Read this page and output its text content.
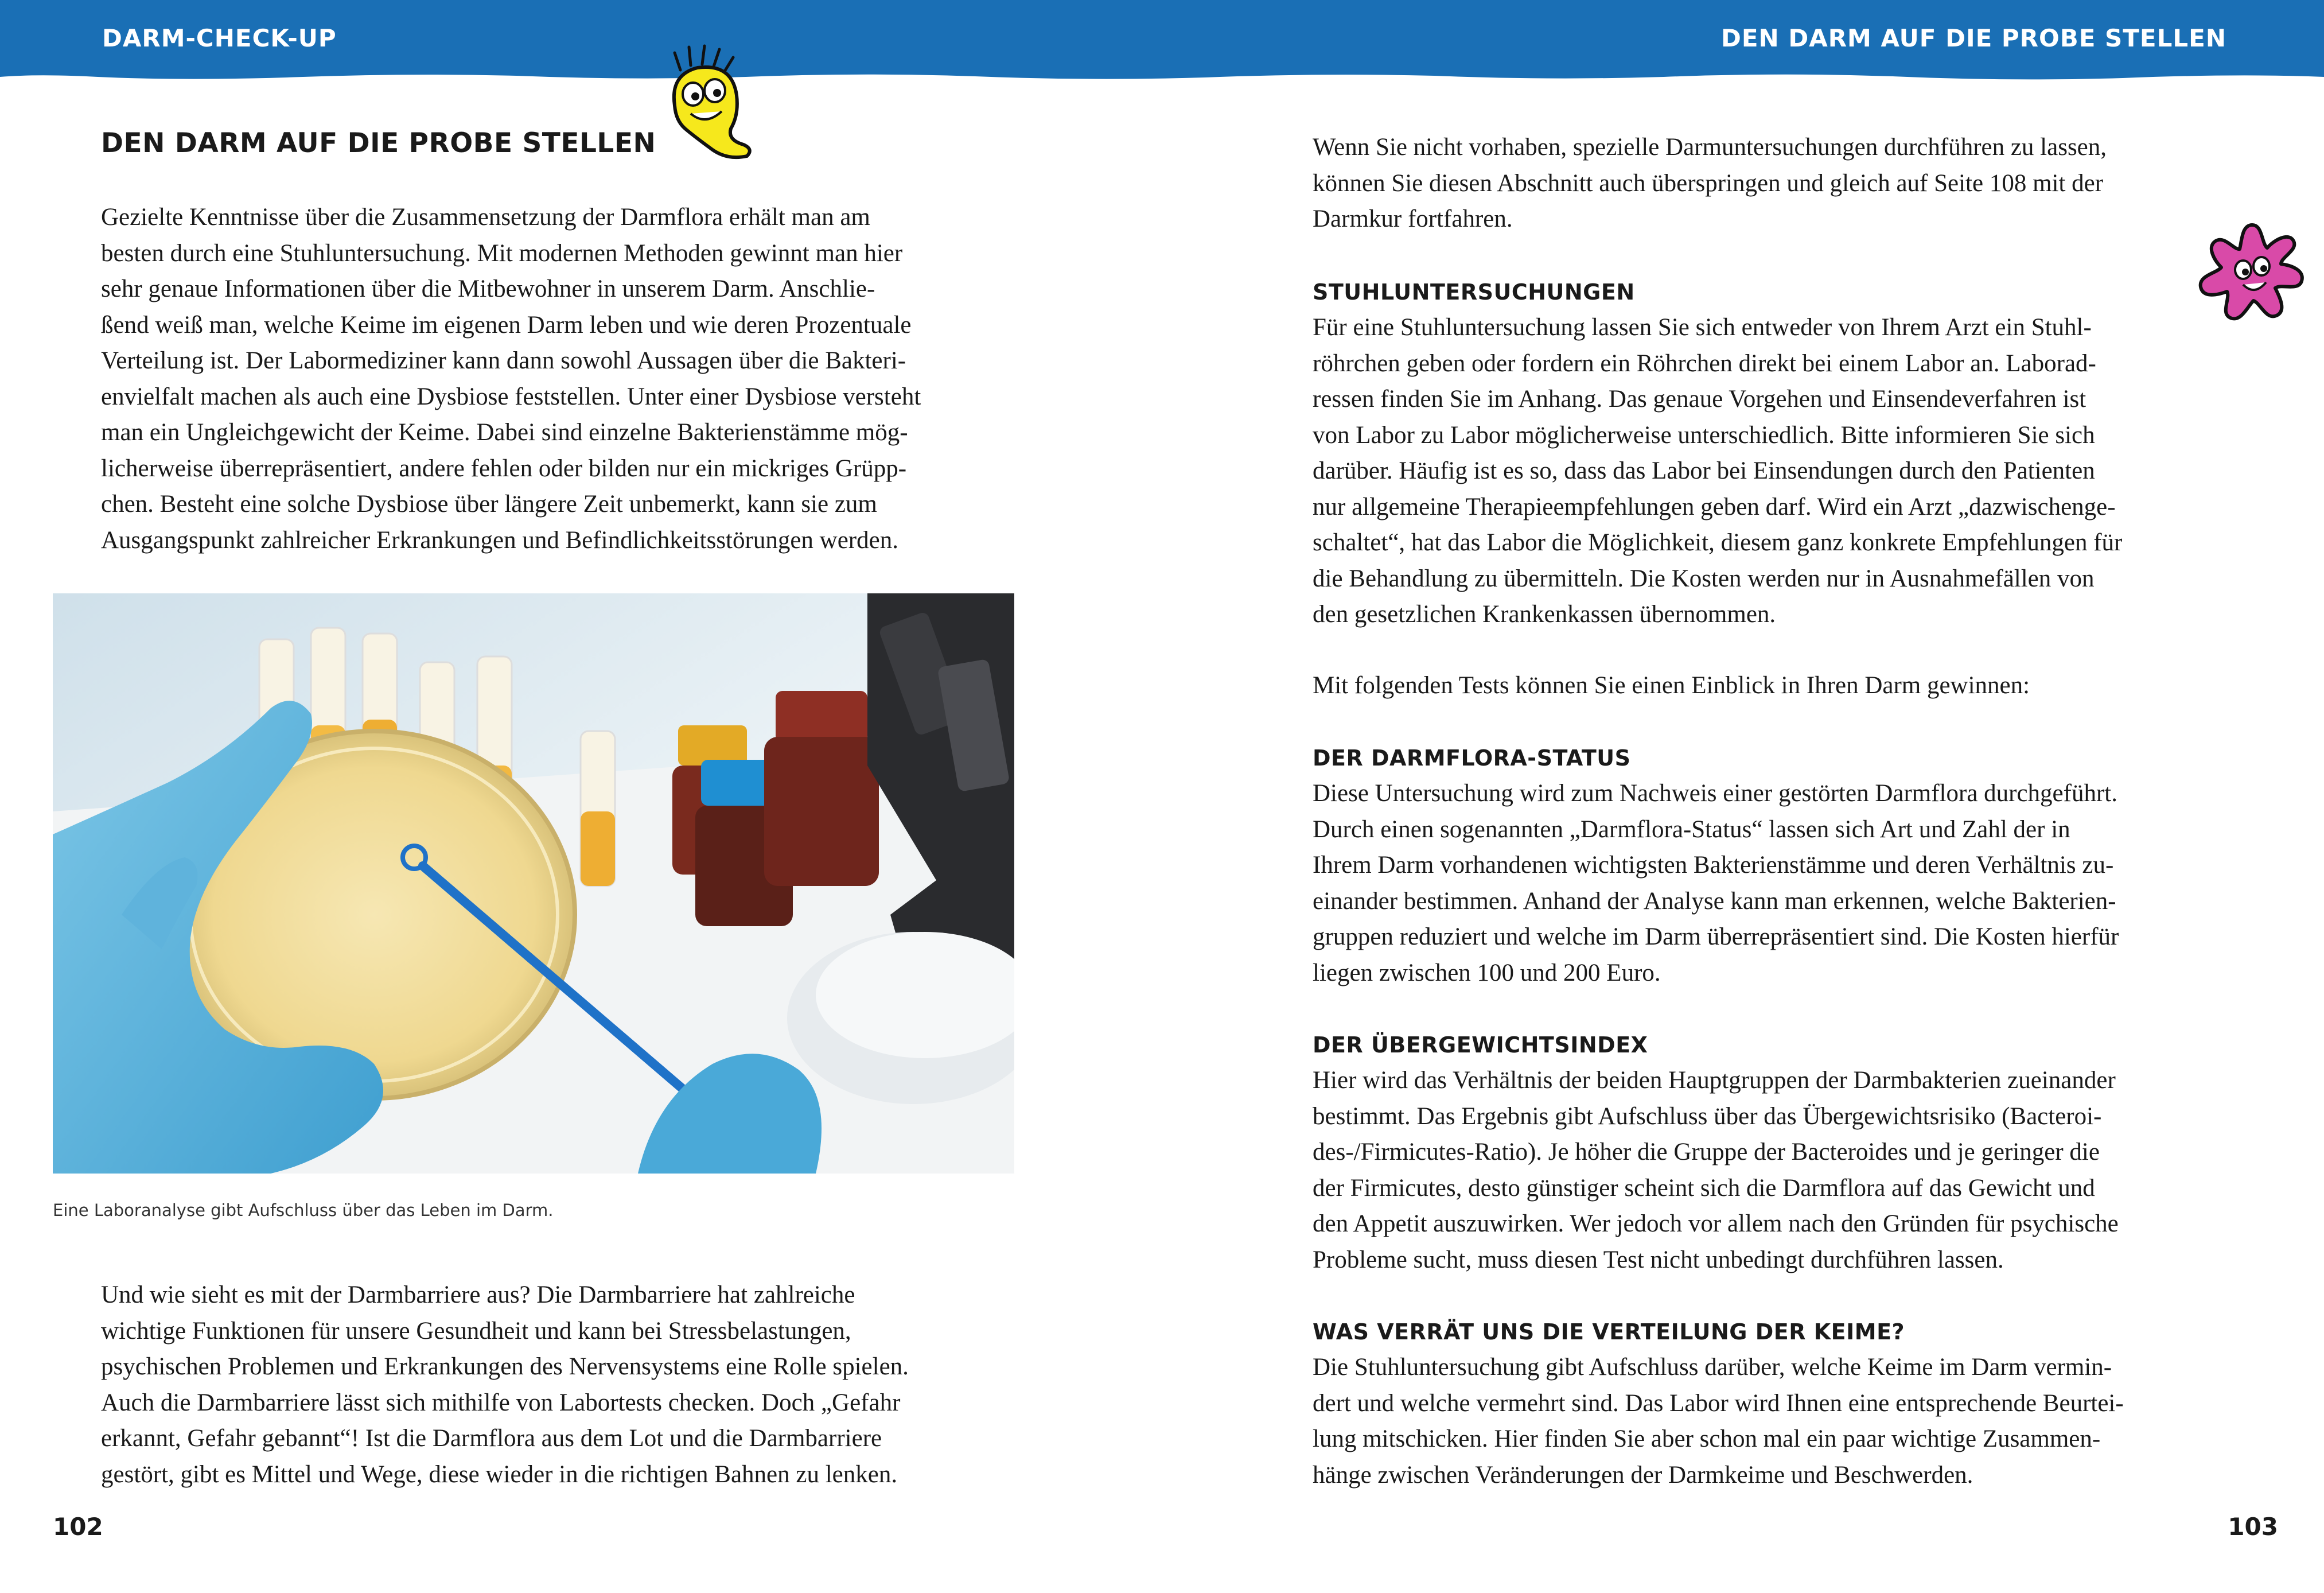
DARM-CHECK-UP	DEN DARM AUF DIE PROBE STELLEN
DEN DARM AUF DIE PROBE STELLEN
Gezielte Kenntnisse über die Zusammensetzung der Darmflora erhält man am
besten durch eine Stuhluntersuchung. Mit modernen Methoden gewinnt man hier
sehr genaue Informationen über die Mitbewohner in unserem Darm. Anschlie-
ßend weiß man, welche Keime im eigenen Darm leben und wie deren Prozentuale
Verteilung ist. Der Labormediziner kann dann sowohl Aussagen über die Bakteri-
envielfalt machen als auch eine Dysbiose feststellen. Unter einer Dysbiose versteht
man ein Ungleichgewicht der Keime. Dabei sind einzelne Bakterienstämme mög-
licherweise überrepräsentiert, andere fehlen oder bilden nur ein mickriges Grüpp-
chen. Besteht eine solche Dysbiose über längere Zeit unbemerkt, kann sie zum
Ausgangspunkt zahlreicher Erkrankungen und Befindlichkeitsstörungen werden.
Eine Laboranalyse gibt Aufschluss über das Leben im Darm.
Und wie sieht es mit der Darmbarriere aus? Die Darmbarriere hat zahlreiche
wichtige Funktionen für unsere Gesundheit und kann bei Stressbelastungen,
psychischen Problemen und Erkrankungen des Nervensystems eine Rolle spielen.
Auch die Darmbarriere lässt sich mithilfe von Labortests checken. Doch „Gefahr
erkannt, Gefahr gebannt“! Ist die Darmflora aus dem Lot und die Darmbarriere
gestört, gibt es Mittel und Wege, diese wieder in die richtigen Bahnen zu lenken.
102
Wenn Sie nicht vorhaben, spezielle Darmuntersuchungen durchführen zu lassen,
können Sie diesen Abschnitt auch überspringen und gleich auf Seite 108 mit der
Darmkur fortfahren.
STUHLUNTERSUCHUNGEN
Für eine Stuhluntersuchung lassen Sie sich entweder von Ihrem Arzt ein Stuhl-
röhrchen geben oder fordern ein Röhrchen direkt bei einem Labor an. Laborad-
ressen finden Sie im Anhang. Das genaue Vorgehen und Einsendeverfahren ist
von Labor zu Labor möglicherweise unterschiedlich. Bitte informieren Sie sich
darüber. Häufig ist es so, dass das Labor bei Einsendungen durch den Patienten
nur allgemeine Therapieempfehlungen geben darf. Wird ein Arzt „dazwischenge-
schaltet“, hat das Labor die Möglichkeit, diesem ganz konkrete Empfehlungen für
die Behandlung zu übermitteln. Die Kosten werden nur in Ausnahmefällen von
den gesetzlichen Krankenkassen übernommen.
Mit folgenden Tests können Sie einen Einblick in Ihren Darm gewinnen:
DER DARMFLORA-STATUS
Diese Untersuchung wird zum Nachweis einer gestörten Darmflora durchgeführt.
Durch einen sogenannten „Darmflora-Status“ lassen sich Art und Zahl der in
Ihrem Darm vorhandenen wichtigsten Bakterienstämme und deren Verhältnis zu-
einander bestimmen. Anhand der Analyse kann man erkennen, welche Bakterien-
gruppen reduziert und welche im Darm überrepräsentiert sind. Die Kosten hierfür
liegen zwischen 100 und 200 Euro.
DER ÜBERGEWICHTSINDEX
Hier wird das Verhältnis der beiden Hauptgruppen der Darmbakterien zueinander
bestimmt. Das Ergebnis gibt Aufschluss über das Übergewichtsrisiko (Bacteroi-
des-/Firmicutes-Ratio). Je höher die Gruppe der Bacteroides und je geringer die
der Firmicutes, desto günstiger scheint sich die Darmflora auf das Gewicht und
den Appetit auszuwirken. Wer jedoch vor allem nach den Gründen für psychische
Probleme sucht, muss diesen Test nicht unbedingt durchführen lassen.
WAS VERRÄT UNS DIE VERTEILUNG DER KEIME?
Die Stuhluntersuchung gibt Aufschluss darüber, welche Keime im Darm vermin-
dert und welche vermehrt sind. Das Labor wird Ihnen eine entsprechende Beurtei-
lung mitschicken. Hier finden Sie aber schon mal ein paar wichtige Zusammen-
hänge zwischen Veränderungen der Darmkeime und Beschwerden.
103
